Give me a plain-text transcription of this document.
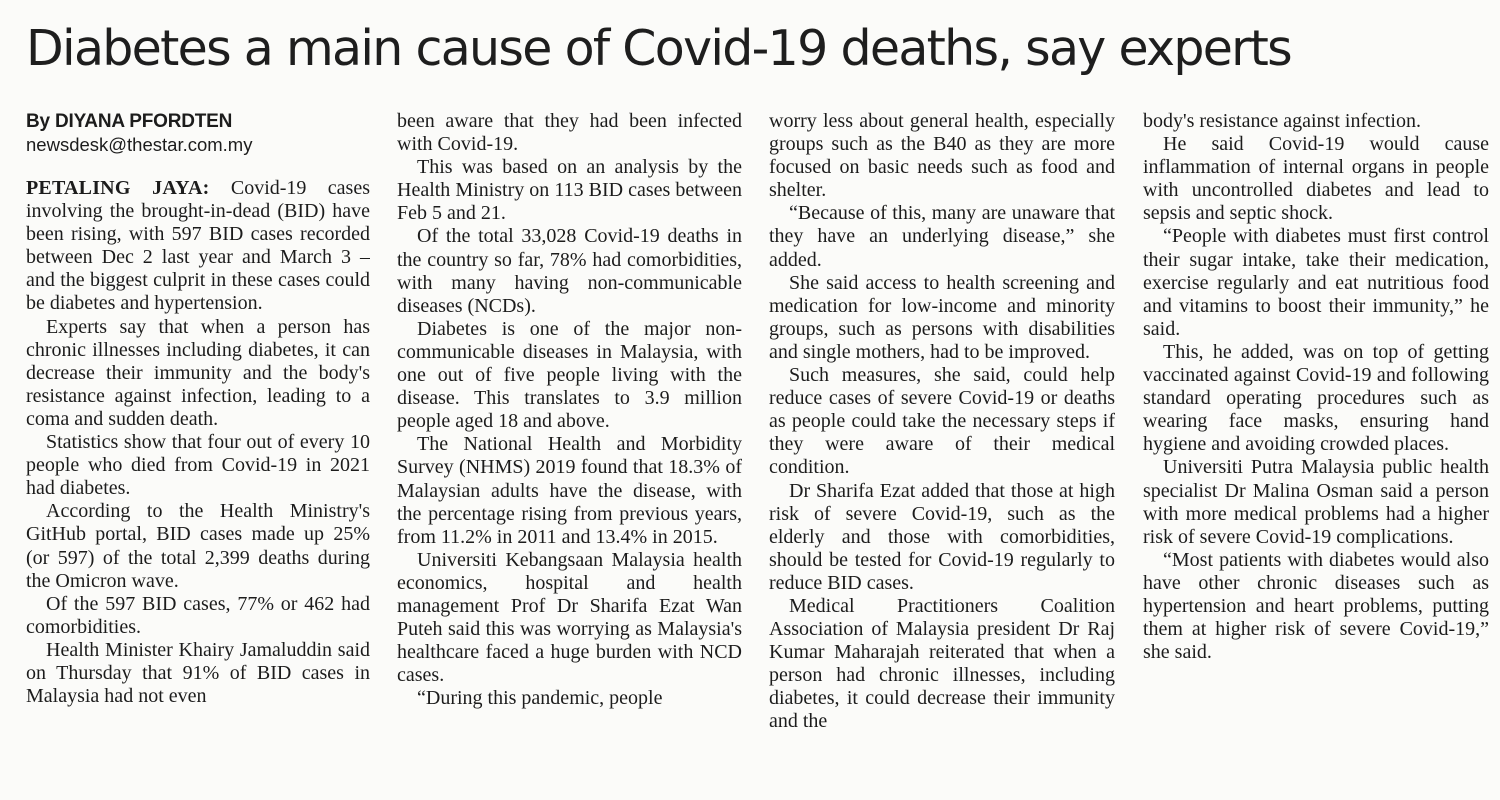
Diabetes a main cause of Covid-19 deaths, say experts

By DIYANA PFORDTEN

newsdesk@thestar.com.my

PETALING JAYA: Covid-19 cases involving the brought-in-dead (BID) have been rising, with 597 BID cases recorded between Dec 2 last year and March 3 – and the biggest culprit in these cases could be diabetes and hypertension.

Experts say that when a person has chronic illnesses including diabetes, it can decrease their immunity and the body's resistance against infection, leading to a coma and sudden death.

Statistics show that four out of every 10 people who died from Covid-19 in 2021 had diabetes.

According to the Health Ministry's GitHub portal, BID cases made up 25% (or 597) of the total 2,399 deaths during the Omicron wave.

Of the 597 BID cases, 77% or 462 had comorbidities.

Health Minister Khairy Jamaluddin said on Thursday that 91% of BID cases in Malaysia had not even

been aware that they had been infected with Covid-19.

This was based on an analysis by the Health Ministry on 113 BID cases between Feb 5 and 21.

Of the total 33,028 Covid-19 deaths in the country so far, 78% had comorbidities, with many having non-communicable diseases (NCDs).

Diabetes is one of the major non-communicable diseases in Malaysia, with one out of five people living with the disease. This translates to 3.9 million people aged 18 and above.

The National Health and Morbidity Survey (NHMS) 2019 found that 18.3% of Malaysian adults have the disease, with the percentage rising from previous years, from 11.2% in 2011 and 13.4% in 2015.

Universiti Kebangsaan Malaysia health economics, hospital and health management Prof Dr Sharifa Ezat Wan Puteh said this was worrying as Malaysia's healthcare faced a huge burden with NCD cases.

“During this pandemic, people

worry less about general health, especially groups such as the B40 as they are more focused on basic needs such as food and shelter.

“Because of this, many are unaware that they have an underlying disease,” she added.

She said access to health screening and medication for low-income and minority groups, such as persons with disabilities and single mothers, had to be improved.

Such measures, she said, could help reduce cases of severe Covid-19 or deaths as people could take the necessary steps if they were aware of their medical condition.

Dr Sharifa Ezat added that those at high risk of severe Covid-19, such as the elderly and those with comorbidities, should be tested for Covid-19 regularly to reduce BID cases.

Medical Practitioners Coalition Association of Malaysia president Dr Raj Kumar Maharajah reiterated that when a person had chronic illnesses, including diabetes, it could decrease their immunity and the

body's resistance against infection.

He said Covid-19 would cause inflammation of internal organs in people with uncontrolled diabetes and lead to sepsis and septic shock.

“People with diabetes must first control their sugar intake, take their medication, exercise regularly and eat nutritious food and vitamins to boost their immunity,” he said.

This, he added, was on top of getting vaccinated against Covid-19 and following standard operating procedures such as wearing face masks, ensuring hand hygiene and avoiding crowded places.

Universiti Putra Malaysia public health specialist Dr Malina Osman said a person with more medical problems had a higher risk of severe Covid-19 complications.

“Most patients with diabetes would also have other chronic diseases such as hypertension and heart problems, putting them at higher risk of severe Covid-19,” she said.
